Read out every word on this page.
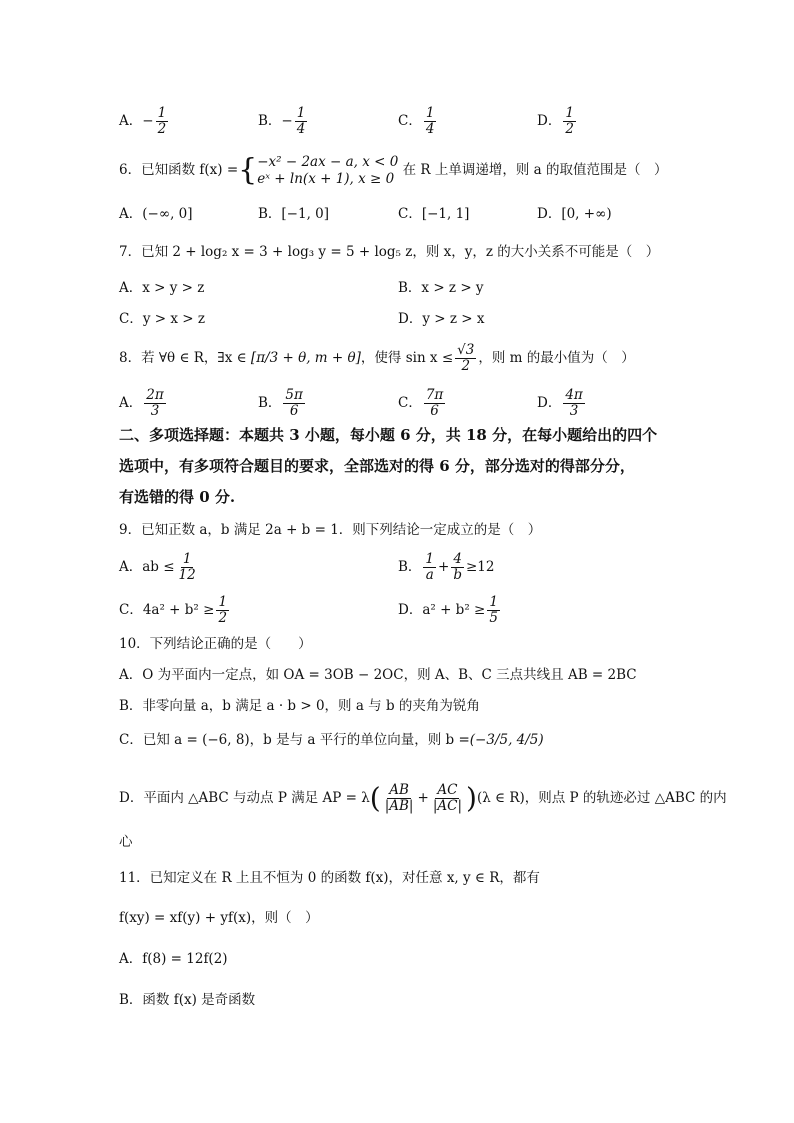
A．− $\frac{1}{2}$	B．− $\frac{1}{4}$	C． $\frac{1}{4}$	D． $\frac{1}{2}$
6．已知函数 f(x) ={−x² − 2ax − a, x < 0
eˣ + ln(x + 1), x ≥ 0 在 R 上单调递增，则 a 的取值范围是（　）
A．(−∞, 0]	B．[−1, 0]	C．[−1, 1]	D．[0, +∞)
7．已知 2 + log₂ x = 3 + log₃ y = 5 + log₅ z，则 x，y，z 的大小关系不可能是（　）
A．x > y > z	B．x > z > y
C．y > x > z	D．y > z > x
8．若 ∀θ ∈ R，∃x ∈ [π/3 + θ, m + θ]，使得 $\sin x \le \frac{√3}{2}$ ，则 m 的最小值为（　）
A． $\frac{2\pi}{3}$	B． $\frac{5\pi}{6}$	C． $\frac{7\pi}{6}$	D． $\frac{4\pi}{3}$
二、多项选择题：本题共 3 小题，每小题 6 分，共 18 分，在每小题给出的四个
选项中，有多项符合题目的要求，全部选对的得 6 分，部分选对的得部分分，
有选错的得 0 分.
9．已知正数 a，b 满足 2a + b = 1．则下列结论一定成立的是（　）
A．ab ≤ $\frac{1}{12}$	B． $\frac{1}{a} + \frac{4}{b} \ge 12$
C．$4a^2 + b^2 \ge \frac{1}{2}$	D．$a^2 + b^2 \ge \frac{1}{5}$
10．下列结论正确的是（　　）
A．O 为平面内一定点，如 OA = 3OB − 2OC，则 A、B、C 三点共线且 AB = 2BC
B．非零向量 a，b 满足 a · b > 0，则 a 与 b 的夹角为锐角
C．已知 a = (−6, 8)，b 是与 a 平行的单位向量，则 b =(−3/5, 4/5)
D．平面内 △ABC 与动点 P 满足 AP = $\lambda( \frac{AB}{|AB|} + \frac{AC}{|AC|} )(\lambda$ ∈ R)，则点 P 的轨迹必过 △ABC 的内
心
11．已知定义在 R 上且不恒为 0 的函数 f(x)，对任意 x, y ∈ R，都有
f(xy) = xf(y) + yf(x)，则（　）
A．f(8) = 12f(2)
B．函数 f(x) 是奇函数
